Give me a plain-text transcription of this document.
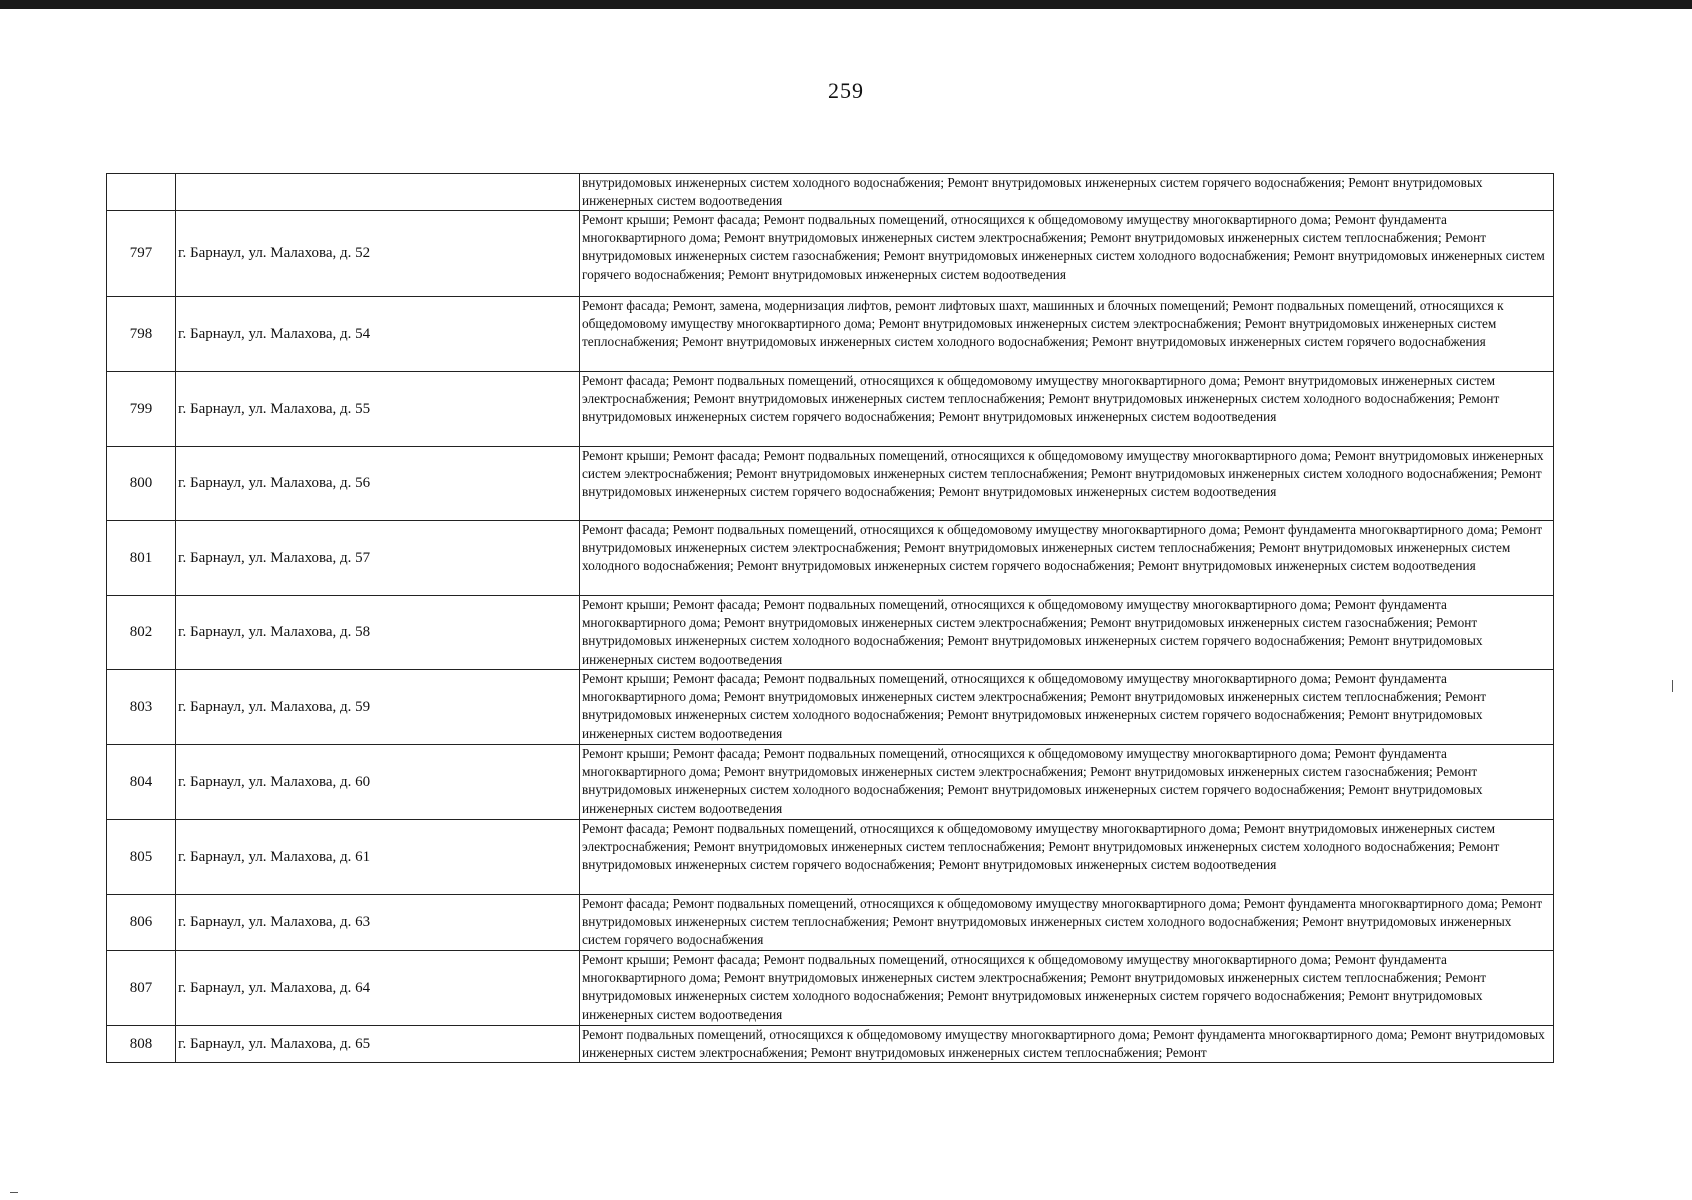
259

		внутридомовых инженерных систем холодного водоснабжения; Ремонт внутридомовых инженерных систем горячего водоснабжения; Ремонт внутридомовых инженерных систем водоотведения

797	г. Барнаул, ул. Малахова, д. 52	Ремонт крыши; Ремонт фасада; Ремонт подвальных помещений, относящихся к общедомовому имуществу многоквартирного дома; Ремонт фундамента многоквартирного дома; Ремонт внутридомовых инженерных систем электроснабжения; Ремонт внутридомовых инженерных систем теплоснабжения; Ремонт внутридомовых инженерных систем газоснабжения; Ремонт внутридомовых инженерных систем холодного водоснабжения; Ремонт внутридомовых инженерных систем горячего водоснабжения; Ремонт внутридомовых инженерных систем водоотведения

798	г. Барнаул, ул. Малахова, д. 54	Ремонт фасада; Ремонт, замена, модернизация лифтов, ремонт лифтовых шахт, машинных и блочных помещений; Ремонт подвальных помещений, относящихся к общедомовому имуществу многоквартирного дома; Ремонт внутридомовых инженерных систем электроснабжения; Ремонт внутридомовых инженерных систем теплоснабжения; Ремонт внутридомовых инженерных систем холодного водоснабжения; Ремонт внутридомовых инженерных систем горячего водоснабжения

799	г. Барнаул, ул. Малахова, д. 55	Ремонт фасада; Ремонт подвальных помещений, относящихся к общедомовому имуществу многоквартирного дома; Ремонт внутридомовых инженерных систем электроснабжения; Ремонт внутридомовых инженерных систем теплоснабжения; Ремонт внутридомовых инженерных систем холодного водоснабжения; Ремонт внутридомовых инженерных систем горячего водоснабжения; Ремонт внутридомовых инженерных систем водоотведения

800	г. Барнаул, ул. Малахова, д. 56	Ремонт крыши; Ремонт фасада; Ремонт подвальных помещений, относящихся к общедомовому имуществу многоквартирного дома; Ремонт внутридомовых инженерных систем электроснабжения; Ремонт внутридомовых инженерных систем теплоснабжения; Ремонт внутридомовых инженерных систем холодного водоснабжения; Ремонт внутридомовых инженерных систем горячего водоснабжения; Ремонт внутридомовых инженерных систем водоотведения

801	г. Барнаул, ул. Малахова, д. 57	Ремонт фасада; Ремонт подвальных помещений, относящихся к общедомовому имуществу многоквартирного дома; Ремонт фундамента многоквартирного дома; Ремонт внутридомовых инженерных систем электроснабжения; Ремонт внутридомовых инженерных систем теплоснабжения; Ремонт внутридомовых инженерных систем холодного водоснабжения; Ремонт внутридомовых инженерных систем горячего водоснабжения; Ремонт внутридомовых инженерных систем водоотведения

802	г. Барнаул, ул. Малахова, д. 58	Ремонт крыши; Ремонт фасада; Ремонт подвальных помещений, относящихся к общедомовому имуществу многоквартирного дома; Ремонт фундамента многоквартирного дома; Ремонт внутридомовых инженерных систем электроснабжения; Ремонт внутридомовых инженерных систем газоснабжения; Ремонт внутридомовых инженерных систем холодного водоснабжения; Ремонт внутридомовых инженерных систем горячего водоснабжения; Ремонт внутридомовых инженерных систем водоотведения

803	г. Барнаул, ул. Малахова, д. 59	Ремонт крыши; Ремонт фасада; Ремонт подвальных помещений, относящихся к общедомовому имуществу многоквартирного дома; Ремонт фундамента многоквартирного дома; Ремонт внутридомовых инженерных систем электроснабжения; Ремонт внутридомовых инженерных систем теплоснабжения; Ремонт внутридомовых инженерных систем холодного водоснабжения; Ремонт внутридомовых инженерных систем горячего водоснабжения; Ремонт внутридомовых инженерных систем водоотведения

804	г. Барнаул, ул. Малахова, д. 60	Ремонт крыши; Ремонт фасада; Ремонт подвальных помещений, относящихся к общедомовому имуществу многоквартирного дома; Ремонт фундамента многоквартирного дома; Ремонт внутридомовых инженерных систем электроснабжения; Ремонт внутридомовых инженерных систем газоснабжения; Ремонт внутридомовых инженерных систем холодного водоснабжения; Ремонт внутридомовых инженерных систем горячего водоснабжения; Ремонт внутридомовых инженерных систем водоотведения

805	г. Барнаул, ул. Малахова, д. 61	Ремонт фасада; Ремонт подвальных помещений, относящихся к общедомовому имуществу многоквартирного дома; Ремонт внутридомовых инженерных систем электроснабжения; Ремонт внутридомовых инженерных систем теплоснабжения; Ремонт внутридомовых инженерных систем холодного водоснабжения; Ремонт внутридомовых инженерных систем горячего водоснабжения; Ремонт внутридомовых инженерных систем водоотведения

806	г. Барнаул, ул. Малахова, д. 63	Ремонт фасада; Ремонт подвальных помещений, относящихся к общедомовому имуществу многоквартирного дома; Ремонт фундамента многоквартирного дома; Ремонт внутридомовых инженерных систем теплоснабжения; Ремонт внутридомовых инженерных систем холодного водоснабжения; Ремонт внутридомовых инженерных систем горячего водоснабжения

807	г. Барнаул, ул. Малахова, д. 64	Ремонт крыши; Ремонт фасада; Ремонт подвальных помещений, относящихся к общедомовому имуществу многоквартирного дома; Ремонт фундамента многоквартирного дома; Ремонт внутридомовых инженерных систем электроснабжения; Ремонт внутридомовых инженерных систем теплоснабжения; Ремонт внутридомовых инженерных систем холодного водоснабжения; Ремонт внутридомовых инженерных систем горячего водоснабжения; Ремонт внутридомовых инженерных систем водоотведения

808	г. Барнаул, ул. Малахова, д. 65	Ремонт подвальных помещений, относящихся к общедомовому имуществу многоквартирного дома; Ремонт фундамента многоквартирного дома; Ремонт внутридомовых инженерных систем электроснабжения; Ремонт внутридомовых инженерных систем теплоснабжения; Ремонт
